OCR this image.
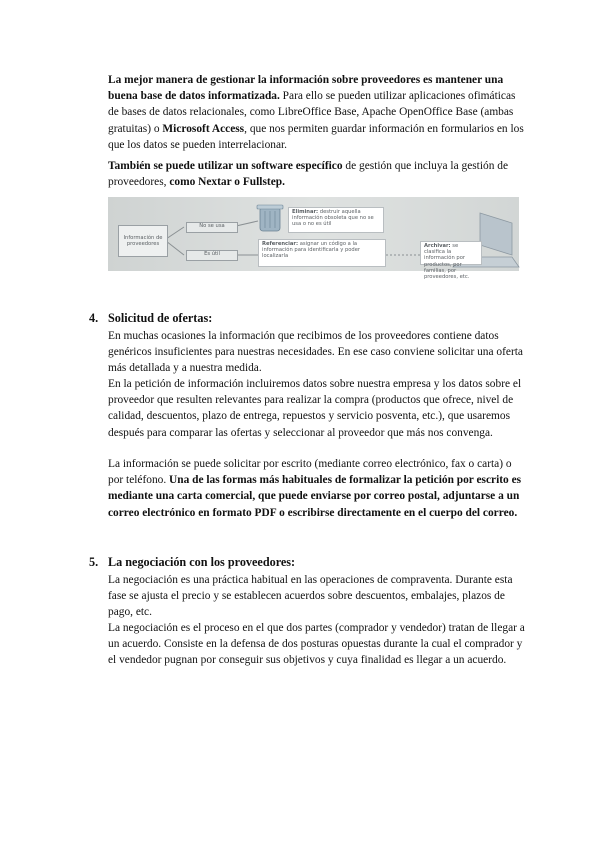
La mejor manera de gestionar la información sobre proveedores es mantener una buena base de datos informatizada. Para ello se pueden utilizar aplicaciones ofimáticas de bases de datos relacionales, como LibreOffice Base, Apache OpenOffice Base (ambas gratuitas) o Microsoft Access, que nos permiten guardar información en formularios en los que los datos se pueden interrelacionar.

También se puede utilizar un software específico de gestión que incluya la gestión de proveedores, como Nextar o Fullstep.

Información de proveedores
No se usa
Es útil
Eliminar: destruir aquella información obsoleta que no se usa o no es útil
Referenciar: asignar un código a la información para identificarla y poder localizarla
Archivar: se clasifica la información por productos, por familias, por proveedores, etc.
4. Solicitud de ofertas:

En muchas ocasiones la información que recibimos de los proveedores contiene datos genéricos insuficientes para nuestras necesidades. En ese caso conviene solicitar una oferta más detallada y a nuestra medida.

En la petición de información incluiremos datos sobre nuestra empresa y los datos sobre el proveedor que resulten relevantes para realizar la compra (productos que ofrece, nivel de calidad, descuentos, plazo de entrega, repuestos y servicio posventa, etc.), que usaremos después para comparar las ofertas y seleccionar al proveedor que más nos convenga.

La información se puede solicitar por escrito (mediante correo electrónico, fax o carta) o por teléfono. Una de las formas más habituales de formalizar la petición por escrito es mediante una carta comercial, que puede enviarse por correo postal, adjuntarse a un correo electrónico en formato PDF o escribirse directamente en el cuerpo del correo.

5. La negociación con los proveedores:

La negociación es una práctica habitual en las operaciones de compraventa. Durante esta fase se ajusta el precio y se establecen acuerdos sobre descuentos, embalajes, plazos de pago, etc.

La negociación es el proceso en el que dos partes (comprador y vendedor) tratan de llegar a un acuerdo. Consiste en la defensa de dos posturas opuestas durante la cual el comprador y el vendedor pugnan por conseguir sus objetivos y cuya finalidad es llegar a un acuerdo.
